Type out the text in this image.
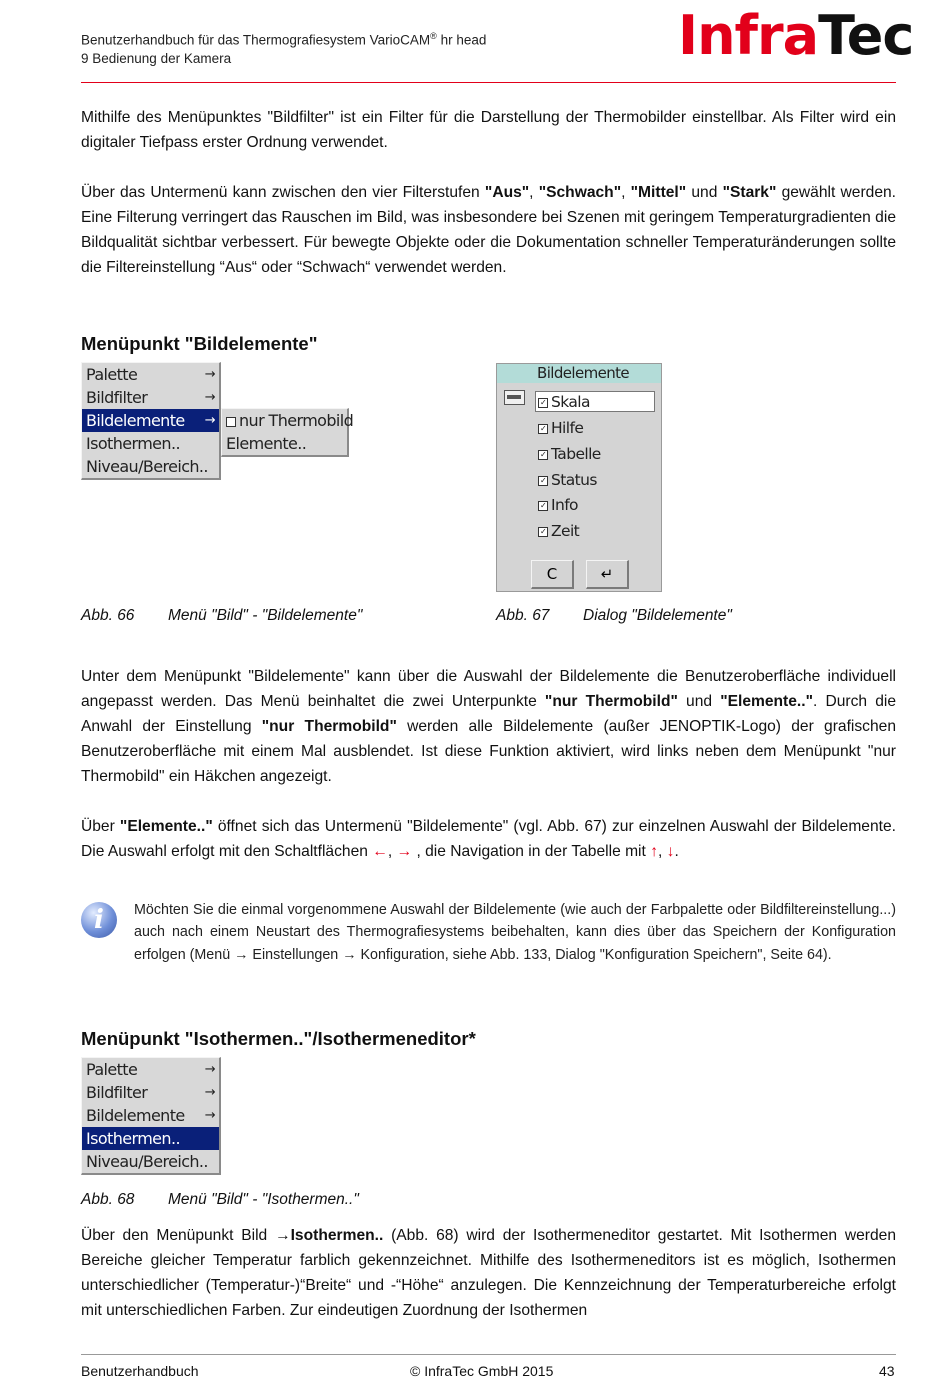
Benutzerhandbuch für das Thermografiesystem VarioCAM® hr head
9 Bedienung der Kamera	InfraTec
Mithilfe des Menüpunktes "Bildfilter" ist ein Filter für die Darstellung der Thermobilder einstellbar. Als Filter wird ein digitaler Tiefpass erster Ordnung verwendet.
Über das Untermenü kann zwischen den vier Filterstufen "Aus", "Schwach", "Mittel" und "Stark" gewählt werden. Eine Filterung verringert das Rauschen im Bild, was insbesondere bei Szenen mit geringem Temperaturgradienten die Bildqualität sichtbar verbessert. Für bewegte Objekte oder die Dokumentation schneller Temperaturänderungen sollte die Filtereinstellung “Aus“ oder “Schwach“ verwendet werden.
Menüpunkt "Bildelemente"
Palette	→
Bildfilter	→
Bildelemente →
Isothermen..
Niveau/Bereich..
nur Thermobild
Elemente..
Bildelemente
✓ Skala
✓ Hilfe
✓ Tabelle
✓ Status
✓ Info
✓ Zeit
C	↵
Abb. 66 Menü "Bild" - "Bildelemente"	Abb. 67 Dialog "Bildelemente"
Unter dem Menüpunkt "Bildelemente" kann über die Auswahl der Bildelemente die Benutzeroberfläche individuell angepasst werden. Das Menü beinhaltet die zwei Unterpunkte "nur Thermobild" und "Elemente..". Durch die Anwahl der Einstellung "nur Thermobild" werden alle Bildelemente (außer JENOPTIK-Logo) der grafischen Benutzeroberfläche mit einem Mal ausblendet. Ist diese Funktion aktiviert, wird links neben dem Menüpunkt "nur Thermobild" ein Häkchen angezeigt.
Über "Elemente.." öffnet sich das Untermenü "Bildelemente" (vgl. Abb. 67) zur einzelnen Auswahl der Bildelemente. Die Auswahl erfolgt mit den Schaltflächen ←, → , die Navigation in der Tabelle mit ↑, ↓.
i	Möchten Sie die einmal vorgenommene Auswahl der Bildelemente (wie auch der Farbpalette oder Bildfiltereinstellung...) auch nach einem Neustart des Thermografiesystems beibehalten, kann dies über das Speichern der Konfiguration erfolgen (Menü → Einstellungen → Konfiguration, siehe Abb. 133, Dialog "Konfiguration Speichern", Seite 64).
Menüpunkt "Isothermen.."/Isothermeneditor*
Palette	→
Bildfilter	→
Bildelemente →
Isothermen..
Niveau/Bereich..
Abb. 68 Menü "Bild" - "Isothermen.."
Über den Menüpunkt Bild →Isothermen.. (Abb. 68) wird der Isothermeneditor gestartet. Mit Isothermen werden Bereiche gleicher Temperatur farblich gekennzeichnet. Mithilfe des Isothermeneditors ist es möglich, Isothermen unterschiedlicher (Temperatur-)“Breite“ und -“Höhe“ anzulegen. Die Kennzeichnung der Temperaturbereiche erfolgt mit unterschiedlichen Farben. Zur eindeutigen Zuordnung der Isothermen
Benutzerhandbuch	© InfraTec GmbH 2015	43
